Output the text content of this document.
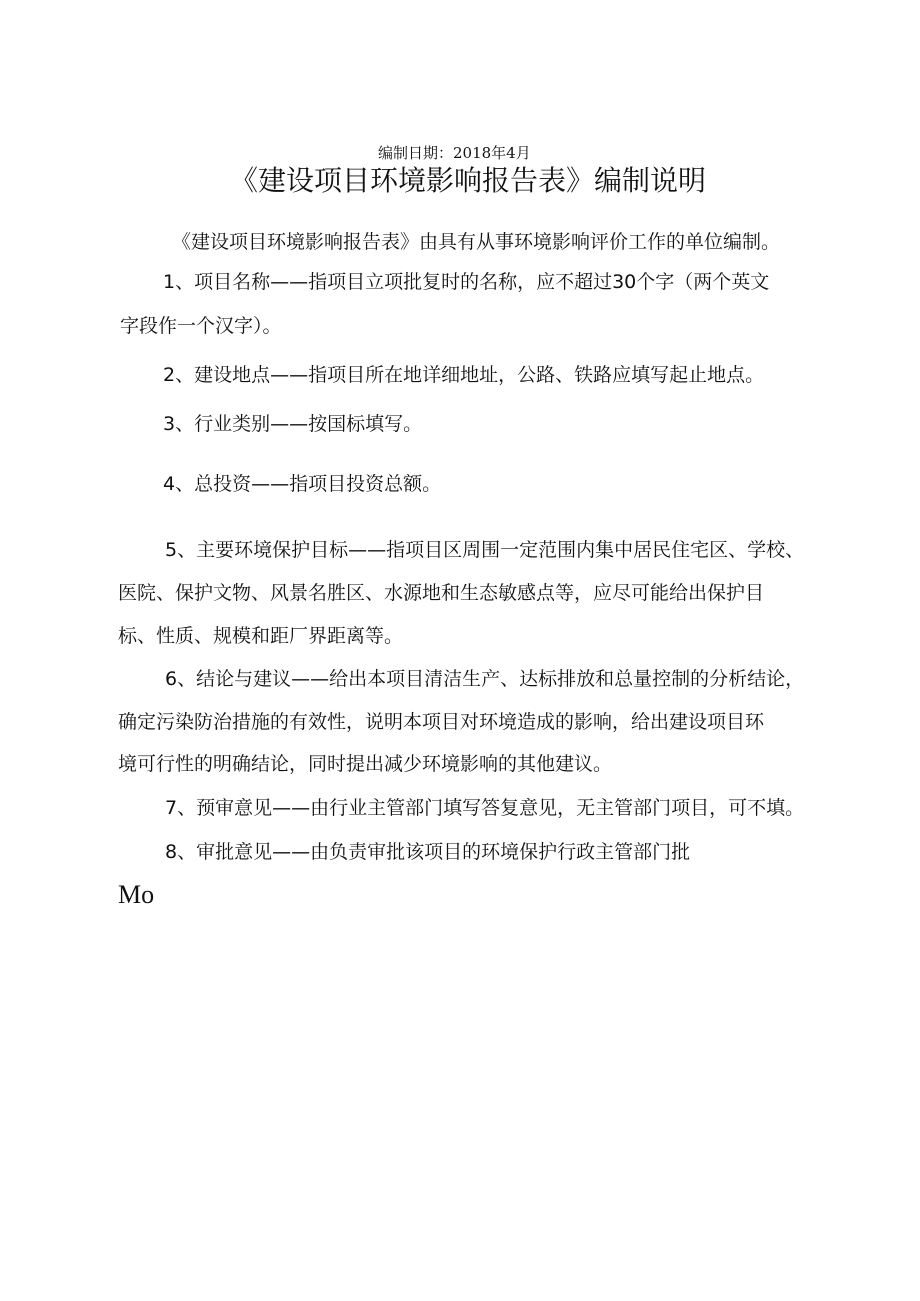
编制日期：2018年4月
《建设项目环境影响报告表》编制说明
《建设项目环境影响报告表》由具有从事环境影响评价工作的单位编制。
1、项目名称——指项目立项批复时的名称，应不超过30个字（两个英文
字段作一个汉字）。
2、建设地点——指项目所在地详细地址，公路、铁路应填写起止地点。
3、行业类别——按国标填写。
4、总投资——指项目投资总额。
5、主要环境保护目标——指项目区周围一定范围内集中居民住宅区、学校、
医院、保护文物、风景名胜区、水源地和生态敏感点等，应尽可能给出保护目
标、性质、规模和距厂界距离等。
6、结论与建议——给出本项目清洁生产、达标排放和总量控制的分析结论，
确定污染防治措施的有效性，说明本项目对环境造成的影响，给出建设项目环
境可行性的明确结论，同时提出减少环境影响的其他建议。
7、预审意见——由行业主管部门填写答复意见，无主管部门项目，可不填。
8、审批意见——由负责审批该项目的环境保护行政主管部门批
Mo
